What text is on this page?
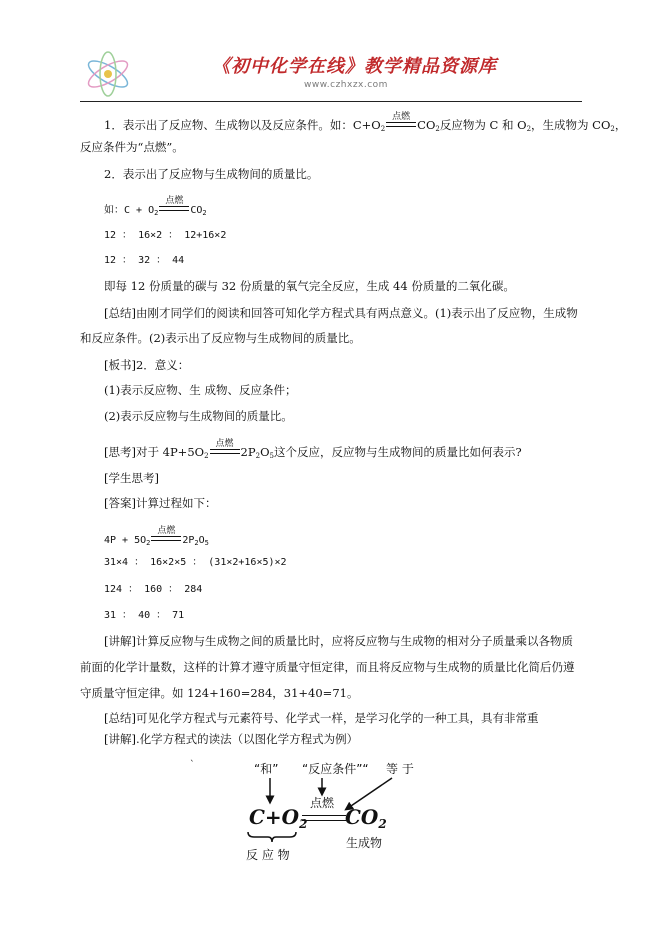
《初中化学在线》教学精品资源库
www.czhxzx.com
1．表示出了反应物、生成物以及反应条件。如：$C+O_2$
点燃
$CO_2$反应物为 C 和 $O_2$，生成物为 $CO_2$，
反应条件为“点燃”。
2．表示出了反应物与生成物间的质量比。
如：$C + O_2$
点燃
$CO_2$
12 ： 16×2 ： 12+16×2
12 ： 32 ： 44
即每 12 份质量的碳与 32 份质量的氧气完全反应，生成 44 份质量的二氧化碳。
[总结]由刚才同学们的阅读和回答可知化学方程式具有两点意义。(1)表示出了反应物，生成物
和反应条件。(2)表示出了反应物与生成物间的质量比。
[板书]2．意义：
(1)表示反应物、生 成物、反应条件；
(2)表示反应物与生成物间的质量比。
[思考]对于 $4P+5O_2$
点燃
$2P_2O_5$这个反应，反应物与生成物间的质量比如何表示?
[学生思考]
[答案]计算过程如下：
$4P + 5O_2$
点燃
$2P_2O_5$
31×4 ： 16×2×5 ： (31×2+16×5)×2
124 ： 160 ： 284
31 ： 40 ： 71
[讲解]计算反应物与生成物之间的质量比时，应将反应物与生成物的相对分子质量乘以各物质
前面的化学计量数，这样的计算才遵守质量守恒定律，而且将反应物与生成物的质量比化简后仍遵
守质量守恒定律。如 124+160=284，31+40=71。
[总结]可见化学方程式与元素符号、化学式一样，是学习化学的一种工具，具有非常重
[讲解].化学方程式的读法（以图化学方程式为例）
`	“和” “反应条件”“ 等 于
点燃
$C+O_2$ $CO_2$
反 应 物
生成物
